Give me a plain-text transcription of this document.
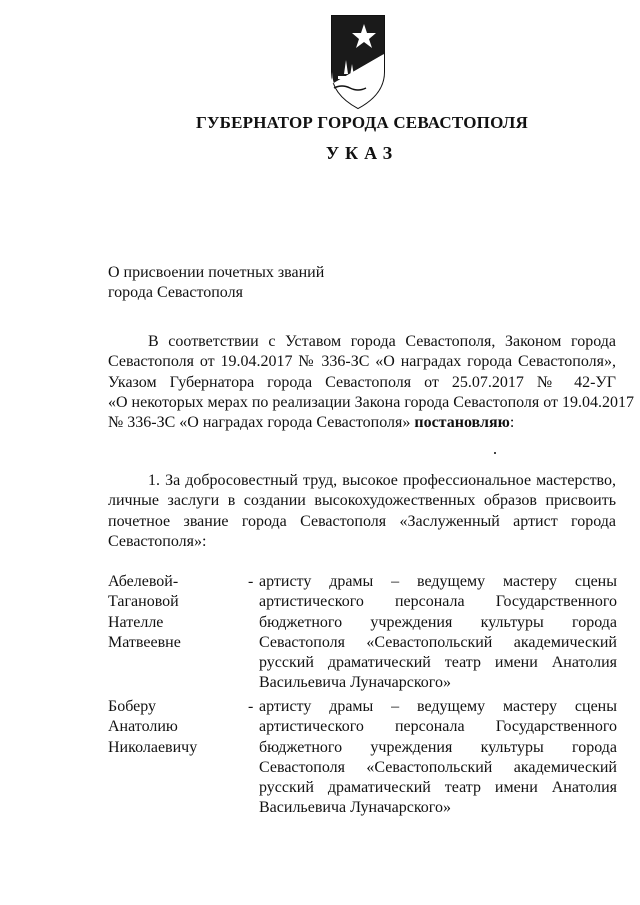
ГУБЕРНАТОР ГОРОДА СЕВАСТОПОЛЯ
УКАЗ
О присвоении почетных званий
города Севастополя
В соответствии с Уставом города Севастополя, Законом города
Севастополя от 19.04.2017 № 336-ЗС «О наградах города Севастополя»,
Указом Губернатора города Севастополя от 25.07.2017 № 42-УГ
«О некоторых мерах по реализации Закона города Севастополя от 19.04.2017
№ 336-ЗС «О наградах города Севастополя» постановляю:
1. За добросовестный труд, высокое профессиональное мастерство,
личные заслуги в создании высокохудожественных образов присвоить
почетное звание города Севастополя «Заслуженный артист города
Севастополя»:
Абелевой-
Тагановой
Нателле
Матвеевне
- артисту драмы – ведущему мастеру сцены
артистического персонала Государственного
бюджетного учреждения культуры города
Севастополя «Севастопольский академический
русский драматический театр имени Анатолия
Васильевича Луначарского»
Боберу
Анатолию
Николаевичу
- артисту драмы – ведущему мастеру сцены
артистического персонала Государственного
бюджетного учреждения культуры города
Севастополя «Севастопольский академический
русский драматический театр имени Анатолия
Васильевича Луначарского»
